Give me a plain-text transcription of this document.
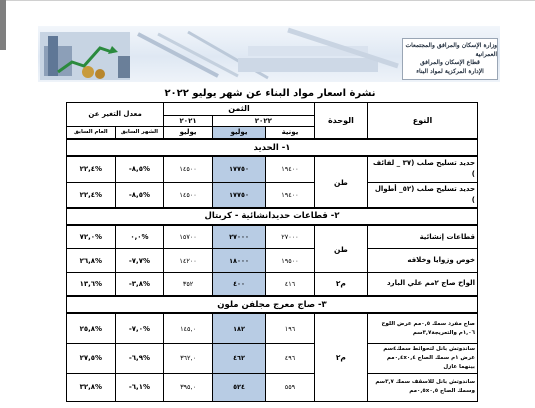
وزارة الإسكان والمرافق والمجتمعات العمرانية
قطاع الإسكان والمرافق
الإدارة المركزية لمواد البناء
نشرة اسعار مواد البناء عن شهر يوليو ٢٠٢٢
النوع	الوحدة	الثمن			معدل التغير عن	
		٢٠٢٢		٢٠٢١		
		يونية	يوليو	يوليو	الشهر السابق	العام السابق
١- الحديد						
حديد تسليح صلب (٣٧ _ لفائف )	طن	١٩٤٠٠	١٧٧٥٠	١٤٥٠٠	%٨,٥-	%٢٢,٤
حديد تسليح صلب (٥٢_ أطوال )		١٩٤٠٠	١٧٧٥٠	١٤٥٠٠	%٨,٥-	%٢٢,٤
٢- قطاعات حديدانشائية - كربتال						
قطاعات إنشائية	طن	٢٧٠٠٠	٢٧٠٠٠	١٥٧٠٠	%٠,٠	%٧٢,٠
خوص وزوايا وخلافه		١٩٥٠٠	١٨٠٠٠	١٤٢٠٠	%٧,٧-	%٢٦,٨
الواح صاج ٢مم علي البارد	م٢	٤١٦	٤٠٠	٣٥٢	%٣,٨-	%١٣,٦
٣- صاج معرج مجلفن ملون						
صاج مفرد سمك ٠,٥مم عرض اللوح ١,٠٦م والتعريجة٣,٧سم	م٢	١٩٦	١٨٢	١٤٥,٠	%٧,٠-	%٢٥,٨
ساندوتش بانل لتحوائط سمك٤سم عرض ١م سمك الصاج ٠,٤x٠,٤مم بينهما عازل		٤٩٦	٤٦٢	٣٦٢,٠	%٦,٩-	%٢٧,٥
ساندوتش بانل للاسقف سمك ٣,٧سم وسمك الصاج ٠,٥x٠,٥مم		٥٥٩	٥٢٤	٣٩٥,٠	%٦,١-	%٣٢,٨
